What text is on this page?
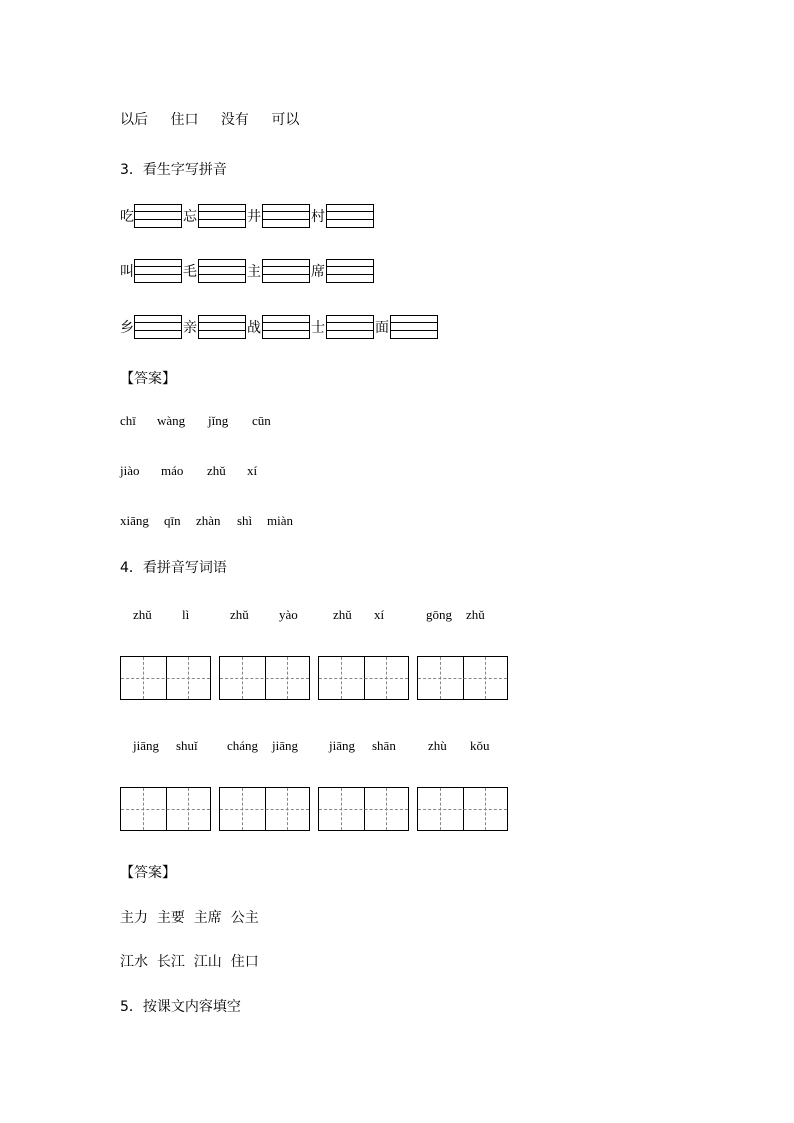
以后 住口 没有 可以
3．看生字写拼音
吃	忘	井	村
叫	毛	主	席
乡	亲	战	士	面
【答案】
chī wàng jǐng cūn
jiào máo zhǔ xí
xiāng qīn zhàn shì miàn
4．看拼音写词语
zhǔ lì	zhǔ yào	zhǔ xí	gōng zhǔ
jiāng shuǐ cháng jiāng jiāng shān zhù kǒu
【答案】
主力  主要  主席  公主
江水  长江  江山  住口
5．按课文内容填空
